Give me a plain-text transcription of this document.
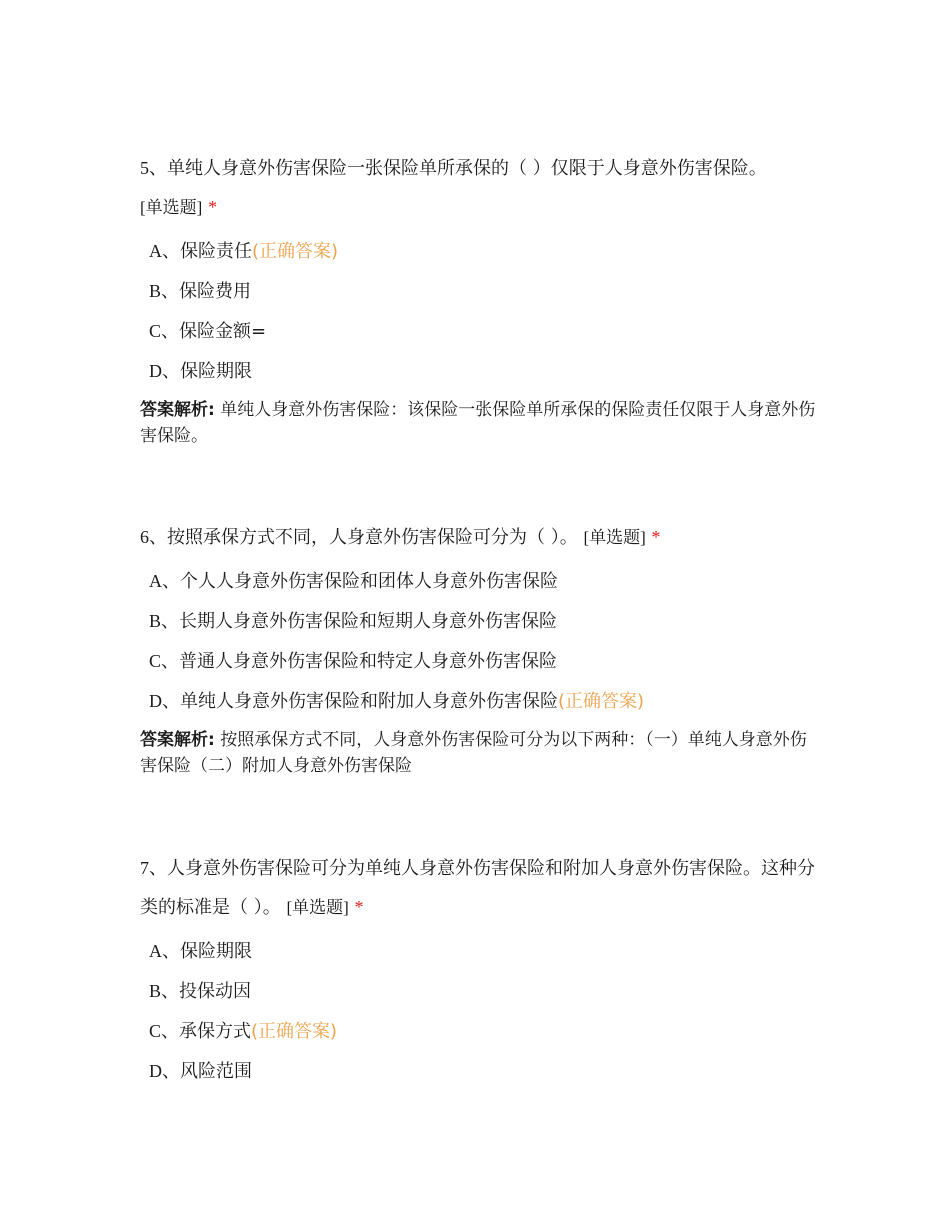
5、单纯人身意外伤害保险一张保险单所承保的（ ）仅限于人身意外伤害保险。
[单选题] *

A、保险责任(正确答案)
B、保险费用
C、保险金额=
D、保险期限

答案解析: 单纯人身意外伤害保险：该保险一张保险单所承保的保险责任仅限于人身意外伤害保险。

6、按照承保方式不同，人身意外伤害保险可分为（ ）。 [单选题] *

A、个人人身意外伤害保险和团体人身意外伤害保险
B、长期人身意外伤害保险和短期人身意外伤害保险
C、普通人身意外伤害保险和特定人身意外伤害保险
D、单纯人身意外伤害保险和附加人身意外伤害保险(正确答案)

答案解析: 按照承保方式不同，人身意外伤害保险可分为以下两种：（一）单纯人身意外伤害保险（二）附加人身意外伤害保险

7、人身意外伤害保险可分为单纯人身意外伤害保险和附加人身意外伤害保险。这种分类的标准是（ ）。 [单选题] *

A、保险期限
B、投保动因
C、承保方式(正确答案)
D、风险范围
